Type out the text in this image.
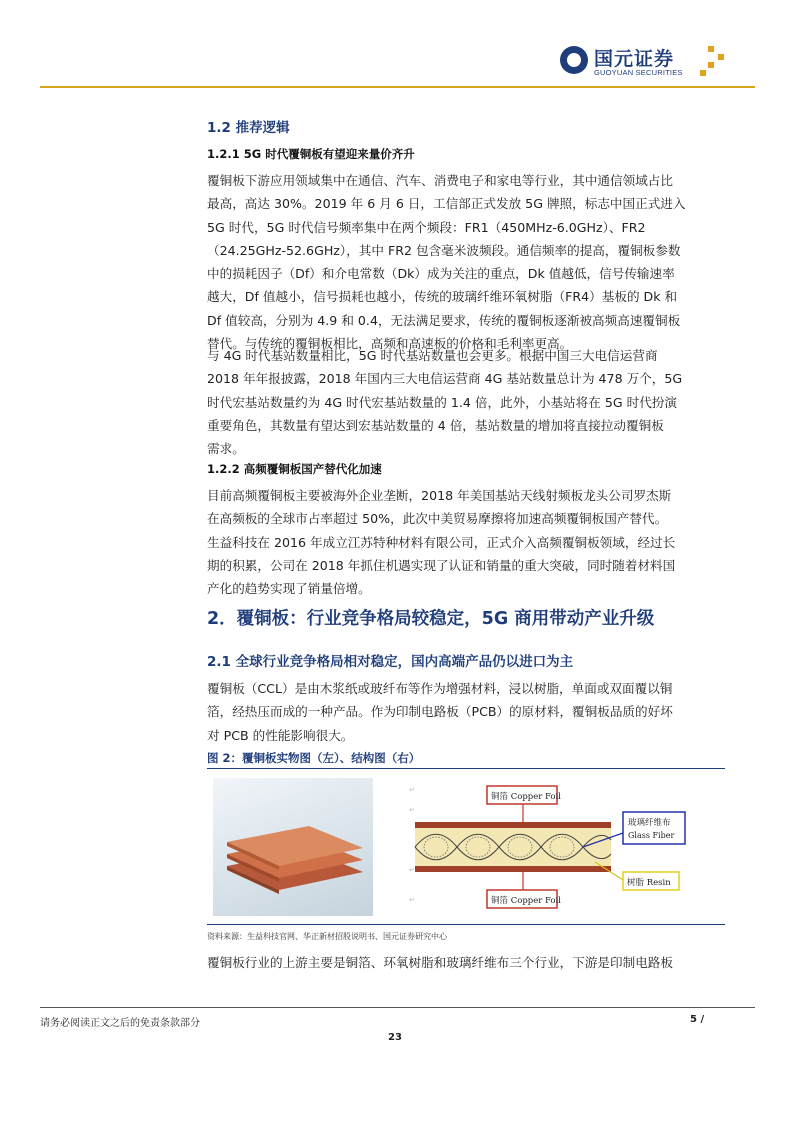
国元证券
GUOYUAN SECURITIES
1.2 推荐逻辑
1.2.1 5G 时代覆铜板有望迎来量价齐升
覆铜板下游应用领域集中在通信、汽车、消费电子和家电等行业，其中通信领域占比
最高，高达 30%。2019 年 6 月 6 日，工信部正式发放 5G 牌照，标志中国正式进入
5G 时代，5G 时代信号频率集中在两个频段：FR1（450MHz-6.0GHz）、FR2
（24.25GHz-52.6GHz），其中 FR2 包含毫米波频段。通信频率的提高，覆铜板参数
中的损耗因子（Df）和介电常数（Dk）成为关注的重点，Dk 值越低，信号传输速率
越大，Df 值越小，信号损耗也越小，传统的玻璃纤维环氧树脂（FR4）基板的 Dk 和
Df 值较高，分别为 4.9 和 0.4，无法满足要求，传统的覆铜板逐渐被高频高速覆铜板
替代。与传统的覆铜板相比，高频和高速板的价格和毛利率更高。
与 4G 时代基站数量相比，5G 时代基站数量也会更多。根据中国三大电信运营商
2018 年年报披露，2018 年国内三大电信运营商 4G 基站数量总计为 478 万个，5G
时代宏基站数量约为 4G 时代宏基站数量的 1.4 倍，此外，小基站将在 5G 时代扮演
重要角色，其数量有望达到宏基站数量的 4 倍，基站数量的增加将直接拉动覆铜板
需求。
1.2.2 高频覆铜板国产替代化加速
目前高频覆铜板主要被海外企业垄断，2018 年美国基站天线射频板龙头公司罗杰斯
在高频板的全球市占率超过 50%，此次中美贸易摩擦将加速高频覆铜板国产替代。
生益科技在 2016 年成立江苏特种材料有限公司，正式介入高频覆铜板领域，经过长
期的积累，公司在 2018 年抓住机遇实现了认证和销量的重大突破，同时随着材料国
产化的趋势实现了销量倍增。
2．覆铜板：行业竞争格局较稳定，5G 商用带动产业升级
2.1 全球行业竞争格局相对稳定，国内高端产品仍以进口为主
覆铜板（CCL）是由木浆纸或玻纤布等作为增强材料，浸以树脂，单面或双面覆以铜
箔，经热压而成的一种产品。作为印制电路板（PCB）的原材料，覆铜板品质的好坏
对 PCB 的性能影响很大。
图 2：覆铜板实物图（左）、结构图（右）
↵
↵
↵
↵
铜箔 Copper Foil
玻璃纤维布
Glass Fiber
树脂 Resin
铜箔 Copper Foil
资料来源：生益科技官网、华正新材招股说明书、国元证券研究中心
覆铜板行业的上游主要是铜箔、环氧树脂和玻璃纤维布三个行业，下游是印制电路板
请务必阅读正文之后的免责条款部分	5 /
23
